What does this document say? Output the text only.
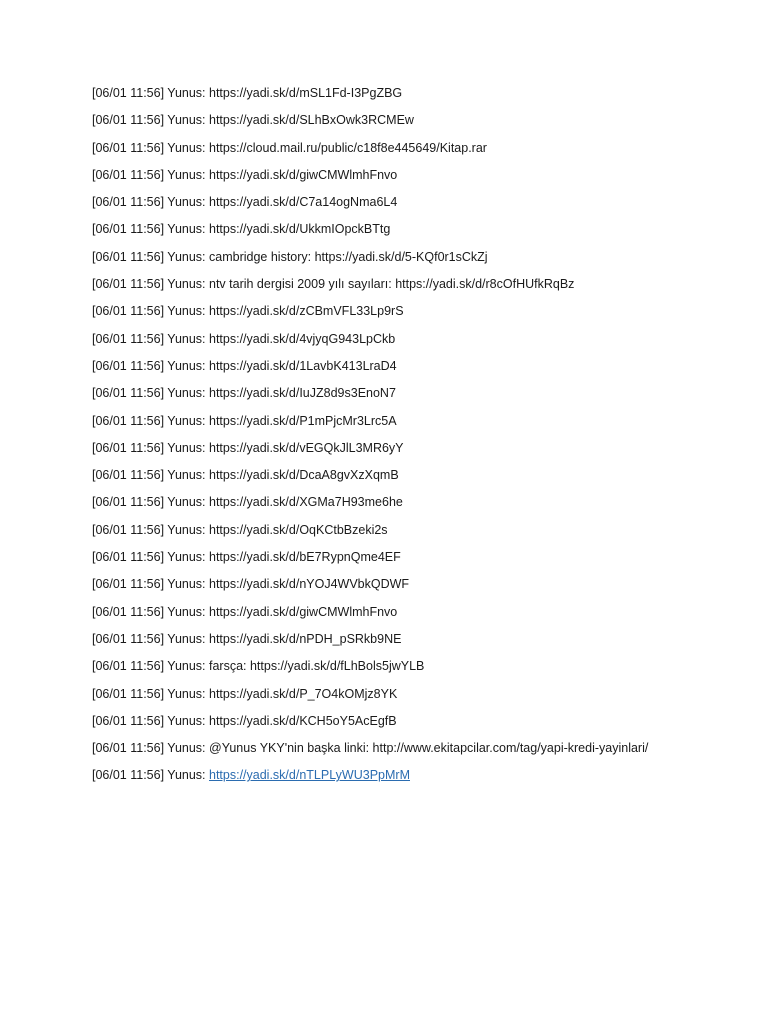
[06/01 11:56] Yunus: https://yadi.sk/d/mSL1Fd-I3PgZBG

[06/01 11:56] Yunus: https://yadi.sk/d/SLhBxOwk3RCMEw

[06/01 11:56] Yunus: https://cloud.mail.ru/public/c18f8e445649/Kitap.rar

[06/01 11:56] Yunus: https://yadi.sk/d/giwCMWlmhFnvo

[06/01 11:56] Yunus: https://yadi.sk/d/C7a14ogNma6L4

[06/01 11:56] Yunus: https://yadi.sk/d/UkkmIOpckBTtg

[06/01 11:56] Yunus: cambridge history: https://yadi.sk/d/5-KQf0r1sCkZj

[06/01 11:56] Yunus: ntv tarih dergisi 2009 yılı sayıları: https://yadi.sk/d/r8cOfHUfkRqBz

[06/01 11:56] Yunus: https://yadi.sk/d/zCBmVFL33Lp9rS

[06/01 11:56] Yunus: https://yadi.sk/d/4vjyqG943LpCkb

[06/01 11:56] Yunus: https://yadi.sk/d/1LavbK413LraD4

[06/01 11:56] Yunus: https://yadi.sk/d/IuJZ8d9s3EnoN7

[06/01 11:56] Yunus: https://yadi.sk/d/P1mPjcMr3Lrc5A

[06/01 11:56] Yunus: https://yadi.sk/d/vEGQkJlL3MR6yY

[06/01 11:56] Yunus: https://yadi.sk/d/DcaA8gvXzXqmB

[06/01 11:56] Yunus: https://yadi.sk/d/XGMa7H93me6he

[06/01 11:56] Yunus: https://yadi.sk/d/OqKCtbBzeki2s

[06/01 11:56] Yunus: https://yadi.sk/d/bE7RypnQme4EF

[06/01 11:56] Yunus: https://yadi.sk/d/nYOJ4WVbkQDWF

[06/01 11:56] Yunus: https://yadi.sk/d/giwCMWlmhFnvo

[06/01 11:56] Yunus: https://yadi.sk/d/nPDH_pSRkb9NE

[06/01 11:56] Yunus: farsça: https://yadi.sk/d/fLhBols5jwYLB

[06/01 11:56] Yunus: https://yadi.sk/d/P_7O4kOMjz8YK

[06/01 11:56] Yunus: https://yadi.sk/d/KCH5oY5AcEgfB

[06/01 11:56] Yunus: @Yunus YKY'nin başka linki: http://www.ekitapcilar.com/tag/yapi-kredi-yayinlari/

[06/01 11:56] Yunus: https://yadi.sk/d/nTLPLyWU3PpMrM
